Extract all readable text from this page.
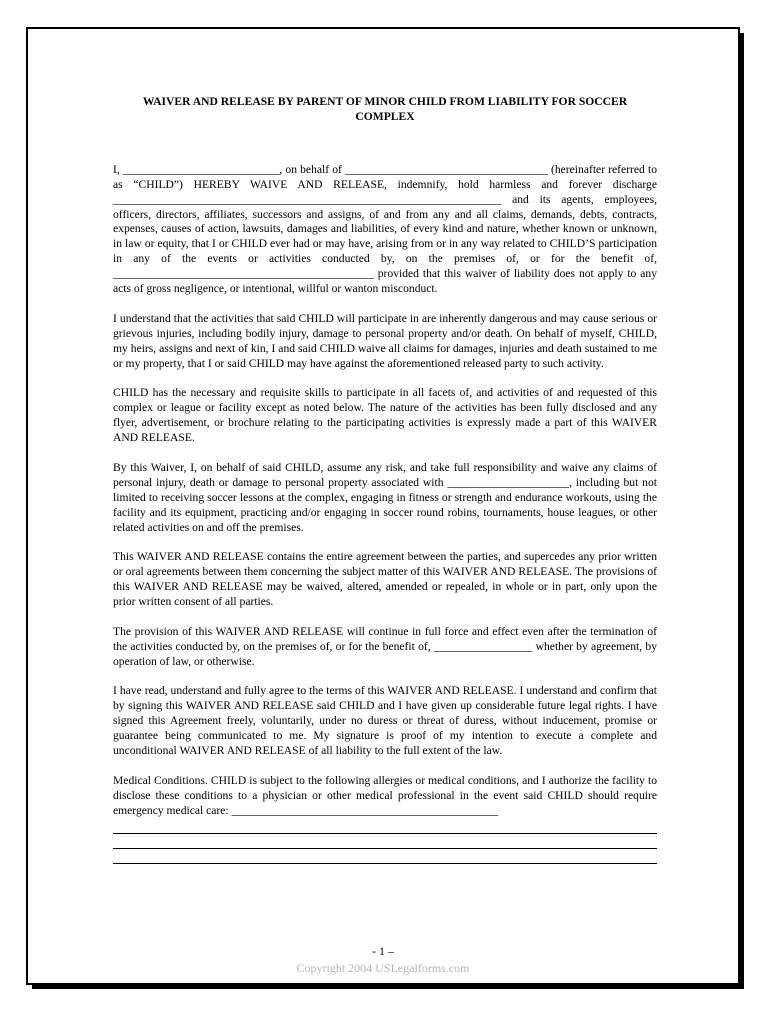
WAIVER AND RELEASE BY PARENT OF MINOR CHILD FROM LIABILITY FOR SOCCER COMPLEX

I, ___________________________, on behalf of ___________________________________ (hereinafter referred to as “CHILD”) HEREBY WAIVE AND RELEASE, indemnify, hold harmless and forever discharge ___________________________________________________________________ and its agents, employees, officers, directors, affiliates, successors and assigns, of and from any and all claims, demands, debts, contracts, expenses, causes of action, lawsuits, damages and liabilities, of every kind and nature, whether known or unknown, in law or equity, that I or CHILD ever had or may have, arising from or in any way related to CHILD’S participation in any of the events or activities conducted by, on the premises of, or for the benefit of, _____________________________________________ provided that this waiver of liability does not apply to any acts of gross negligence, or intentional, willful or wanton misconduct.

I understand that the activities that said CHILD will participate in are inherently dangerous and may cause serious or grievous injuries, including bodily injury, damage to personal property and/or death. On behalf of myself, CHILD, my heirs, assigns and next of kin, I and said CHILD waive all claims for damages, injuries and death sustained to me or my property, that I or said CHILD may have against the aforementioned released party to such activity.

CHILD has the necessary and requisite skills to participate in all facets of, and activities of and requested of this complex or league or facility except as noted below. The nature of the activities has been fully disclosed and any flyer, advertisement, or brochure relating to the participating activities is expressly made a part of this WAIVER AND RELEASE.

By this Waiver, I, on behalf of said CHILD, assume any risk, and take full responsibility and waive any claims of personal injury, death or damage to personal property associated with _____________________, including but not limited to receiving soccer lessons at the complex, engaging in fitness or strength and endurance workouts, using the facility and its equipment, practicing and/or engaging in soccer round robins, tournaments, house leagues, or other related activities on and off the premises.

This WAIVER AND RELEASE contains the entire agreement between the parties, and supercedes any prior written or oral agreements between them concerning the subject matter of this WAIVER AND RELEASE. The provisions of this WAIVER AND RELEASE may be waived, altered, amended or repealed, in whole or in part, only upon the prior written consent of all parties.

The provision of this WAIVER AND RELEASE will continue in full force and effect even after the termination of the activities conducted by, on the premises of, or for the benefit of, _________________ whether by agreement, by operation of law, or otherwise.

I have read, understand and fully agree to the terms of this WAIVER AND RELEASE. I understand and confirm that by signing this WAIVER AND RELEASE said CHILD and I have given up considerable future legal rights. I have signed this Agreement freely, voluntarily, under no duress or threat of duress, without inducement, promise or guarantee being communicated to me. My signature is proof of my intention to execute a complete and unconditional WAIVER AND RELEASE of all liability to the full extent of the law.

Medical Conditions. CHILD is subject to the following allergies or medical conditions, and I authorize the facility to disclose these conditions to a physician or other medical professional in the event said CHILD should require emergency medical care: ______________________________________________

- 1 –
Copyright 2004 USLegalforms.com
